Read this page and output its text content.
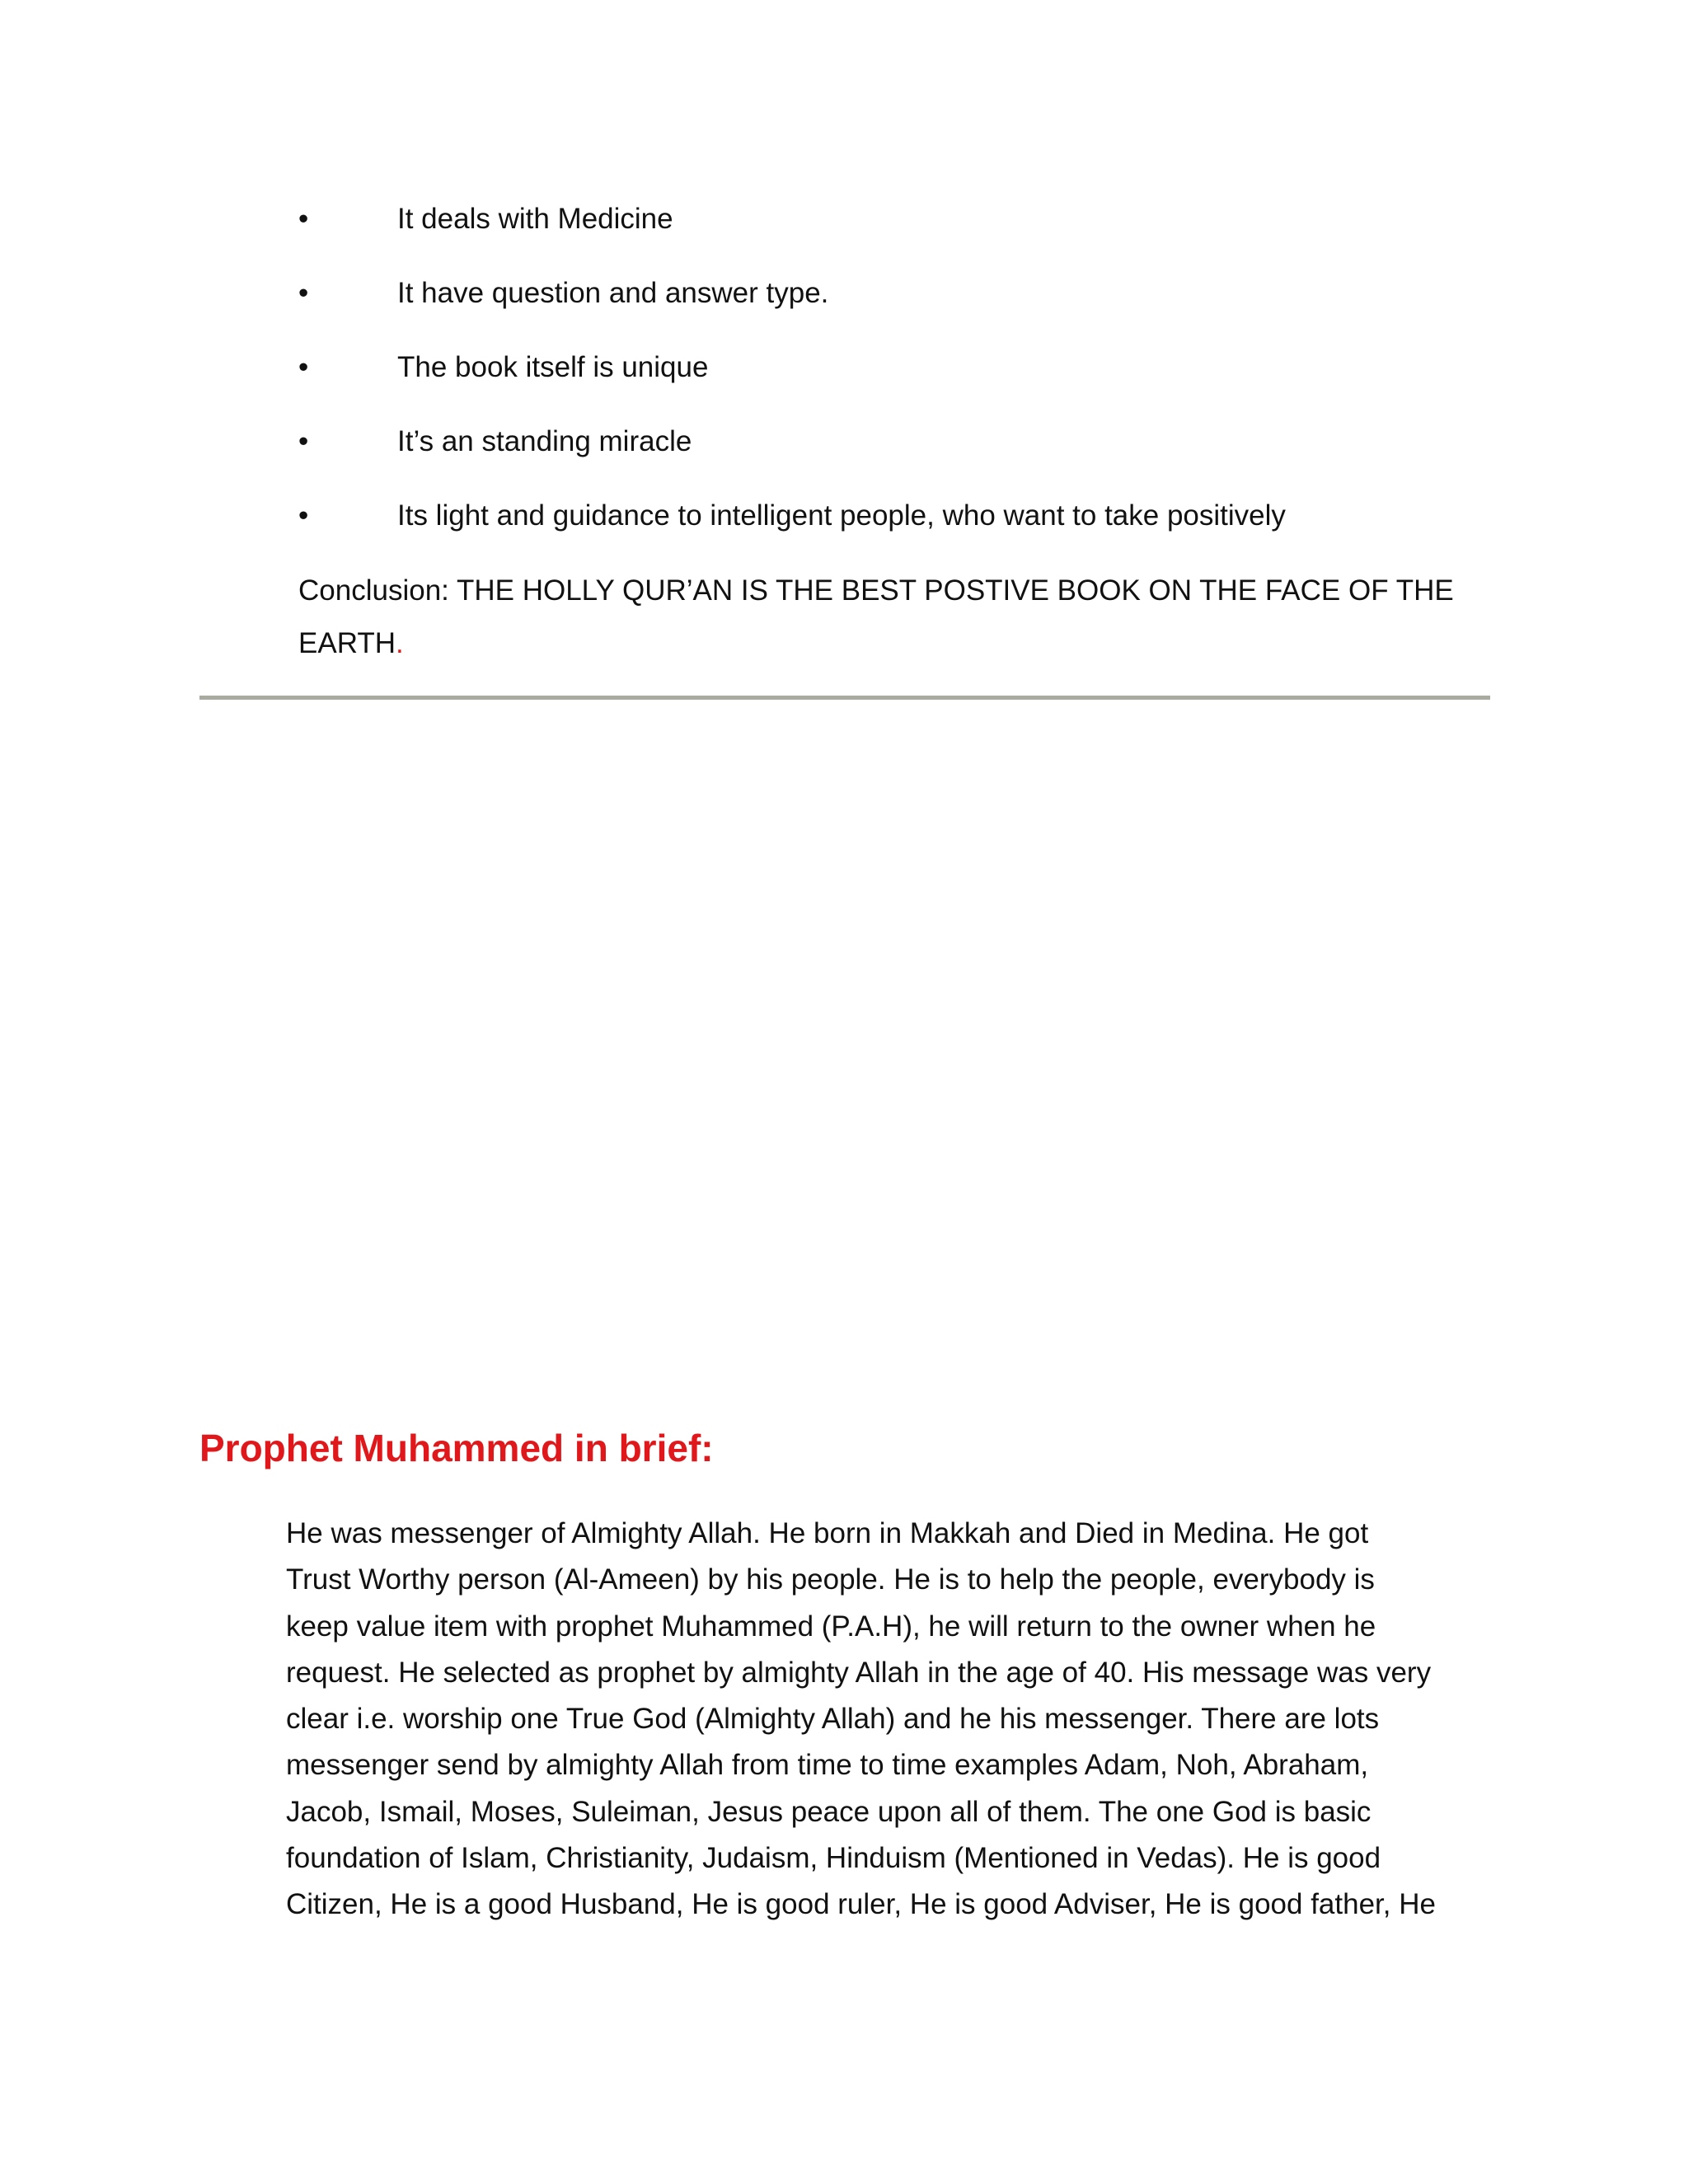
•	It deals with Medicine
•	It have question and answer type.
•	The book itself is unique
•	It’s an standing miracle
•	Its light and guidance to intelligent people, who want to take positively

Conclusion: THE HOLLY QUR’AN IS THE BEST POSTIVE BOOK ON THE FACE OF THE EARTH.

Prophet Muhammed in brief:

He was messenger of Almighty Allah. He born in Makkah and Died in Medina. He got
Trust Worthy person (Al-Ameen) by his people. He is to help the people, everybody is
keep value item with prophet Muhammed (P.A.H), he will return to the owner when he
request. He selected as prophet by almighty Allah in the age of 40. His message was very
clear i.e. worship one True God (Almighty Allah) and he his messenger. There are lots
messenger send by almighty Allah from time to time examples Adam, Noh, Abraham,
Jacob, Ismail, Moses, Suleiman, Jesus peace upon all of them. The one God is basic
foundation of Islam, Christianity, Judaism, Hinduism (Mentioned in Vedas). He is good
Citizen, He is a good Husband, He is good ruler, He is good Adviser, He is good father, He
